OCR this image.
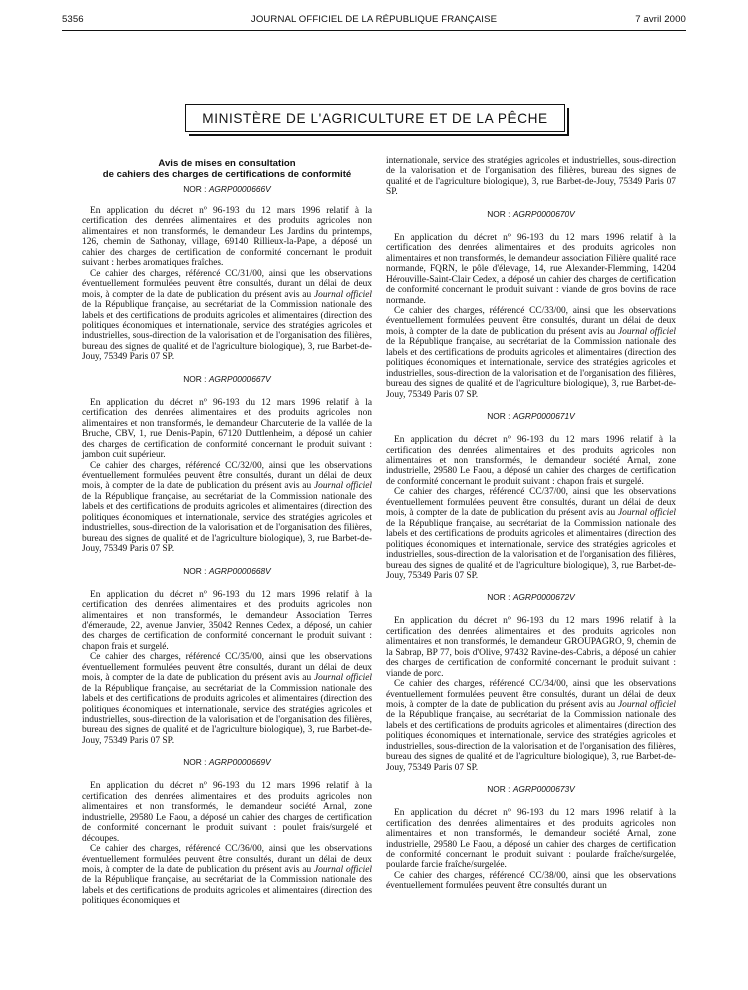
5356	JOURNAL OFFICIEL DE LA RÉPUBLIQUE FRANÇAISE	7 avril 2000
MINISTÈRE DE L'AGRICULTURE ET DE LA PÊCHE
Avis de mises en consultation
de cahiers des charges de certifications de conformité
NOR : AGRP0000666V

En application du décret nº 96-193 du 12 mars 1996 relatif à la certification des denrées alimentaires et des produits agricoles non alimentaires et non transformés, le demandeur Les Jardins du printemps, 126, chemin de Sathonay, village, 69140 Rillieux-la-Pape, a déposé un cahier des charges de certification de conformité concernant le produit suivant : herbes aromatiques fraîches.

Ce cahier des charges, référencé CC/31/00, ainsi que les observations éventuellement formulées peuvent être consultés, durant un délai de deux mois, à compter de la date de publication du présent avis au Journal officiel de la République française, au secrétariat de la Commission nationale des labels et des certifications de produits agricoles et alimentaires (direction des politiques économiques et internationale, service des stratégies agricoles et industrielles, sous-direction de la valorisation et de l'organisation des filières, bureau des signes de qualité et de l'agriculture biologique), 3, rue Barbet-de-Jouy, 75349 Paris 07 SP.

NOR : AGRP0000667V

En application du décret nº 96-193 du 12 mars 1996 relatif à la certification des denrées alimentaires et des produits agricoles non alimentaires et non transformés, le demandeur Charcuterie de la vallée de la Bruche, CBV, 1, rue Denis-Papin, 67120 Duttlenheim, a déposé un cahier des charges de certification de conformité concernant le produit suivant : jambon cuit supérieur.

Ce cahier des charges, référencé CC/32/00, ainsi que les observations éventuellement formulées peuvent être consultés, durant un délai de deux mois, à compter de la date de publication du présent avis au Journal officiel de la République française, au secrétariat de la Commission nationale des labels et des certifications de produits agricoles et alimentaires (direction des politiques économiques et internationale, service des stratégies agricoles et industrielles, sous-direction de la valorisation et de l'organisation des filières, bureau des signes de qualité et de l'agriculture biologique), 3, rue Barbet-de-Jouy, 75349 Paris 07 SP.

NOR : AGRP0000668V

En application du décret nº 96-193 du 12 mars 1996 relatif à la certification des denrées alimentaires et des produits agricoles non alimentaires et non transformés, le demandeur Association Terres d'émeraude, 22, avenue Janvier, 35042 Rennes Cedex, a déposé, un cahier des charges de certification de conformité concernant le produit suivant : chapon frais et surgelé.

Ce cahier des charges, référencé CC/35/00, ainsi que les observations éventuellement formulées peuvent être consultés, durant un délai de deux mois, à compter de la date de publication du présent avis au Journal officiel de la République française, au secrétariat de la Commission nationale des labels et des certifications de produits agricoles et alimentaires (direction des politiques économiques et internationale, service des stratégies agricoles et industrielles, sous-direction de la valorisation et de l'organisation des filières, bureau des signes de qualité et de l'agriculture biologique), 3, rue Barbet-de-Jouy, 75349 Paris 07 SP.

NOR : AGRP0000669V

En application du décret nº 96-193 du 12 mars 1996 relatif à la certification des denrées alimentaires et des produits agricoles non alimentaires et non transformés, le demandeur société Arnal, zone industrielle, 29580 Le Faou, a déposé un cahier des charges de certification de conformité concernant le produit suivant : poulet frais/surgelé et découpes.

Ce cahier des charges, référencé CC/36/00, ainsi que les observations éventuellement formulées peuvent être consultés, durant un délai de deux mois, à compter de la date de publication du présent avis au Journal officiel de la République française, au secrétariat de la Commission nationale des labels et des certifications de produits agricoles et alimentaires (direction des politiques économiques et

internationale, service des stratégies agricoles et industrielles, sous-direction de la valorisation et de l'organisation des filières, bureau des signes de qualité et de l'agriculture biologique), 3, rue Barbet-de-Jouy, 75349 Paris 07 SP.

NOR : AGRP0000670V

En application du décret nº 96-193 du 12 mars 1996 relatif à la certification des denrées alimentaires et des produits agricoles non alimentaires et non transformés, le demandeur association Filière qualité race normande, FQRN, le pôle d'élevage, 14, rue Alexander-Flemming, 14204 Hérouville-Saint-Clair Cedex, a déposé un cahier des charges de certification de conformité concernant le produit suivant : viande de gros bovins de race normande.

Ce cahier des charges, référencé CC/33/00, ainsi que les observations éventuellement formulées peuvent être consultés, durant un délai de deux mois, à compter de la date de publication du présent avis au Journal officiel de la République française, au secrétariat de la Commission nationale des labels et des certifications de produits agricoles et alimentaires (direction des politiques économiques et internationale, service des stratégies agricoles et industrielles, sous-direction de la valorisation et de l'organisation des filières, bureau des signes de qualité et de l'agriculture biologique), 3, rue Barbet-de-Jouy, 75349 Paris 07 SP.

NOR : AGRP0000671V

En application du décret nº 96-193 du 12 mars 1996 relatif à la certification des denrées alimentaires et des produits agricoles non alimentaires et non transformés, le demandeur société Arnal, zone industrielle, 29580 Le Faou, a déposé un cahier des charges de certification de conformité concernant le produit suivant : chapon frais et surgelé.

Ce cahier des charges, référencé CC/37/00, ainsi que les observations éventuellement formulées peuvent être consultés, durant un délai de deux mois, à compter de la date de publication du présent avis au Journal officiel de la République française, au secrétariat de la Commission nationale des labels et des certifications de produits agricoles et alimentaires (direction des politiques économiques et internationale, service des stratégies agricoles et industrielles, sous-direction de la valorisation et de l'organisation des filières, bureau des signes de qualité et de l'agriculture biologique), 3, rue Barbet-de-Jouy, 75349 Paris 07 SP.

NOR : AGRP0000672V

En application du décret nº 96-193 du 12 mars 1996 relatif à la certification des denrées alimentaires et des produits agricoles non alimentaires et non transformés, le demandeur GROUPAGRO, 9, chemin de la Sabrap, BP 77, bois d'Olive, 97432 Ravine-des-Cabris, a déposé un cahier des charges de certification de conformité concernant le produit suivant : viande de porc.

Ce cahier des charges, référencé CC/34/00, ainsi que les observations éventuellement formulées peuvent être consultés, durant un délai de deux mois, à compter de la date de publication du présent avis au Journal officiel de la République française, au secrétariat de la Commission nationale des labels et des certifications de produits agricoles et alimentaires (direction des politiques économiques et internationale, service des stratégies agricoles et industrielles, sous-direction de la valorisation et de l'organisation des filières, bureau des signes de qualité et de l'agriculture biologique), 3, rue Barbet-de-Jouy, 75349 Paris 07 SP.

NOR : AGRP0000673V

En application du décret nº 96-193 du 12 mars 1996 relatif à la certification des denrées alimentaires et des produits agricoles non alimentaires et non transformés, le demandeur société Arnal, zone industrielle, 29580 Le Faou, a déposé un cahier des charges de certification de conformité concernant le produit suivant : poularde fraîche/surgelée, poularde farcie fraîche/surgelée.

Ce cahier des charges, référencé CC/38/00, ainsi que les observations éventuellement formulées peuvent être consultés durant un
